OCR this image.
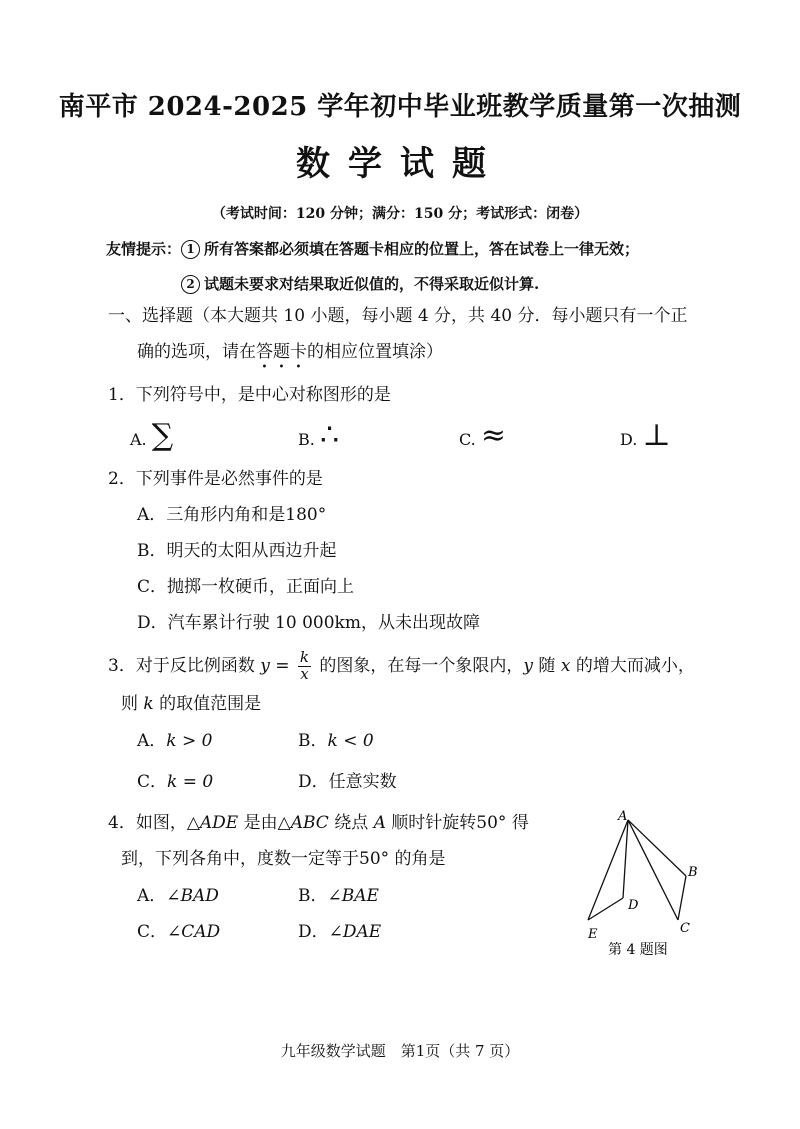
南平市 2024-2025 学年初中毕业班教学质量第一次抽测
数学试题
（考试时间：120 分钟；满分：150 分；考试形式：闭卷）
友情提示： 1 所有答案都必须填在答题卡相应的位置上，答在试卷上一律无效；
2 试题未要求对结果取近似值的，不得采取近似计算.
一、选择题（本大题共 10 小题，每小题 4 分，共 40 分．每小题只有一个正
确的选项，请在答题卡的相应位置填涂）
1．下列符号中，是中心对称图形的是
A. ∑	B. ∴	C. ≈	D. ⊥
2．下列事件是必然事件的是
A．三角形内角和是180°
B．明天的太阳从西边升起
C．抛掷一枚硬币，正面向上
D．汽车累计行驶 10 000km，从未出现故障
3．对于反比例函数 $y = \frac{k}{x}$ 的图象，在每一个象限内，y 随 x 的增大而减小，
则 k 的取值范围是
A．k > 0	B．k < 0
C．k = 0	D．任意实数
4．如图，△ADE 是由△ABC 绕点 A 顺时针旋转50° 得
到，下列各角中，度数一定等于50° 的角是
A．∠BAD	B．∠BAE
C．∠CAD	D．∠DAE
A
B
C
D
E
第 4 题图
九年级数学试题　第1页（共 7 页）
